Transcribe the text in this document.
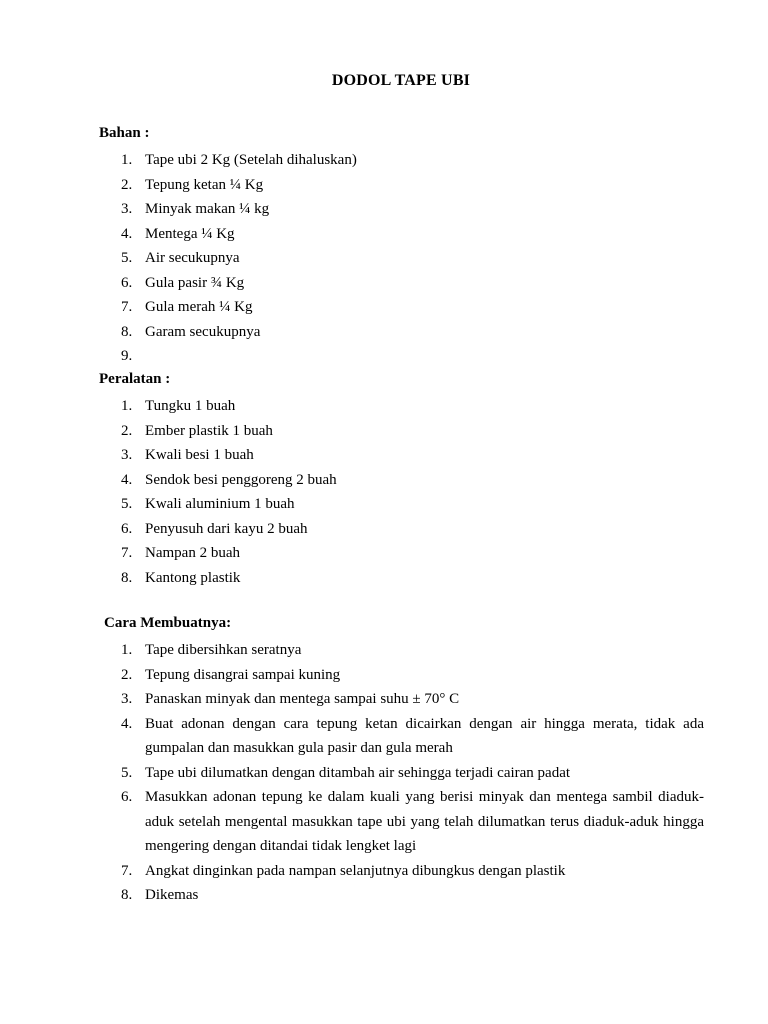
DODOL TAPE UBI
Bahan :
1. Tape ubi 2 Kg (Setelah dihaluskan)
2. Tepung ketan ¼ Kg
3. Minyak makan ¼ kg
4. Mentega ¼ Kg
5. Air secukupnya
6. Gula pasir ¾ Kg
7. Gula merah ¼ Kg
8. Garam secukupnya
9.

Peralatan :
1. Tungku 1 buah
2. Ember plastik 1 buah
3. Kwali besi 1 buah
4. Sendok besi penggoreng 2 buah
5. Kwali aluminium 1 buah
6. Penyusuh dari kayu 2 buah
7. Nampan 2 buah
8. Kantong plastik
Cara Membuatnya:
1. Tape dibersihkan seratnya
2. Tepung disangrai sampai kuning
3. Panaskan minyak dan mentega sampai suhu ± 70° C
4. Buat adonan dengan cara tepung ketan dicairkan dengan air hingga merata, tidak ada gumpalan dan masukkan gula pasir dan gula merah
5. Tape ubi dilumatkan dengan ditambah air sehingga terjadi cairan padat
6. Masukkan adonan tepung ke dalam kuali yang berisi minyak dan mentega sambil diaduk-aduk setelah mengental masukkan tape ubi yang telah dilumatkan terus diaduk-aduk hingga mengering dengan ditandai tidak lengket lagi
7. Angkat dinginkan pada nampan selanjutnya dibungkus dengan plastik
8. Dikemas
